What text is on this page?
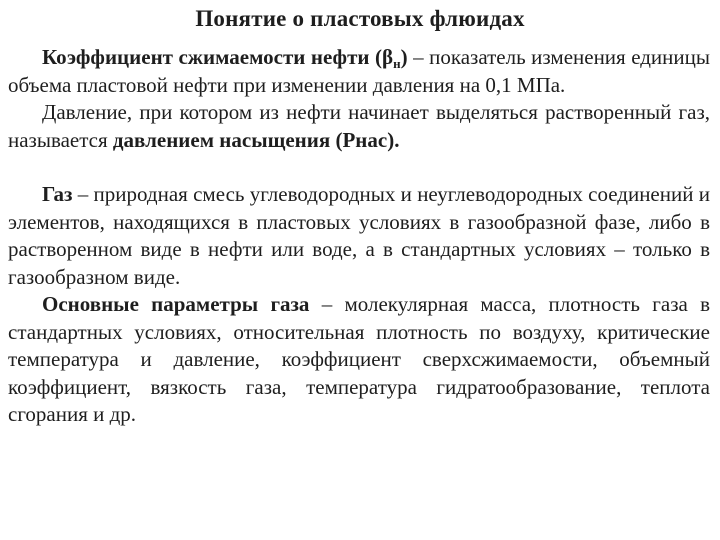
Понятие о пластовых флюидах

Коэффициент сжимаемости нефти $(\beta_н)$ – показатель изменения единицы объема пластовой нефти при изменении давления на 0,1 МПа.

Давление, при котором из нефти начинает выделяться растворенный газ, называется давлением насыщения (Pнас).

Газ – природная смесь углеводородных и неуглеводородных соединений и элементов, находящихся в пластовых условиях в газообразной фазе, либо в растворенном виде в нефти или воде, а в стандартных условиях – только в газообразном виде.

Основные параметры газа – молекулярная масса, плотность газа в стандартных условиях, относительная плотность по воздуху, критические температура и давление, коэффициент сверхсжимаемости, объемный коэффициент, вязкость газа, температура гидратообразование, теплота сгорания и др.
